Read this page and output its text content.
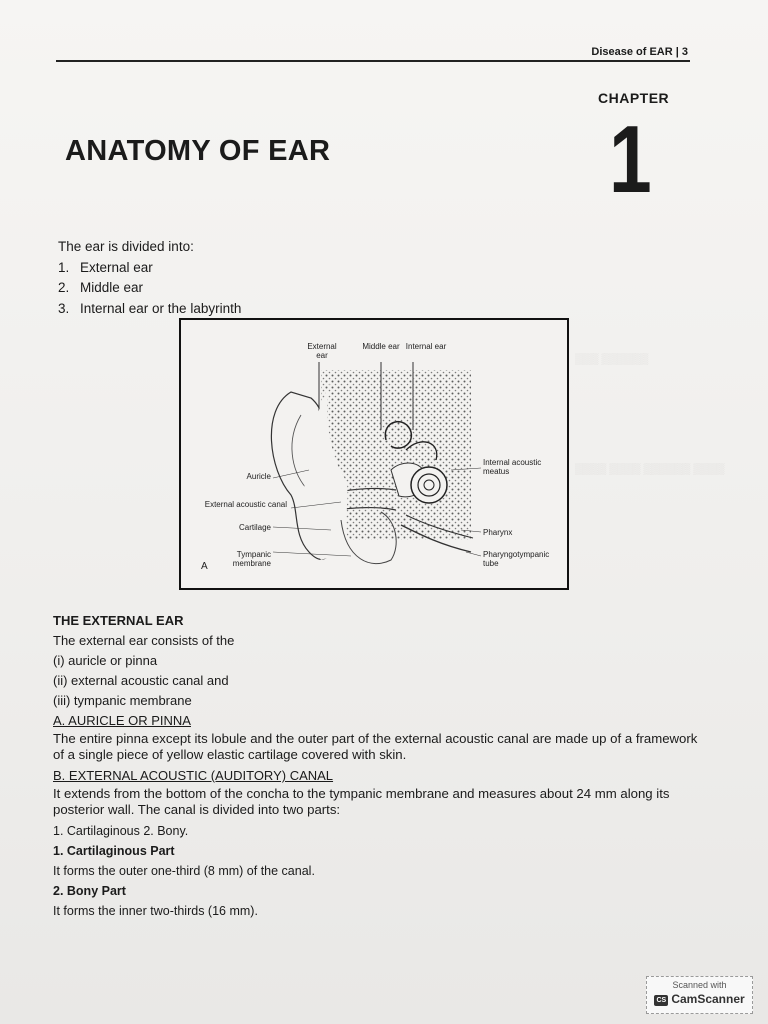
Disease of EAR | 3
CHAPTER
1
ANATOMY OF EAR
▒▒▒ ▒▒▒▒▒▒
▒▒▒▒ ▒▒▒▒ ▒▒▒▒▒▒ ▒▒▒▒
The ear is divided into:
1. External ear
2. Middle ear
3. Internal ear or the labyrinth
External ear
Middle ear Internal ear
Auricle
External acoustic canal
Cartilage
Tympanic membrane
A
Internal acoustic meatus
Pharynx
Pharyngotympanic tube

THE EXTERNAL EAR

The external ear consists of the

(i) auricle or pinna

(ii) external acoustic canal and

(iii) tympanic membrane

A. AURICLE OR PINNA

The entire pinna except its lobule and the outer part of the external acoustic canal are made up of a framework of a single piece of yellow elastic cartilage covered with skin.

B. EXTERNAL ACOUSTIC (AUDITORY) CANAL

It extends from the bottom of the concha to the tympanic membrane and measures about 24 mm along its posterior wall. The canal is divided into two parts:

1. Cartilaginous 2. Bony.

1. Cartilaginous Part

It forms the outer one-third (8 mm) of the canal.

2. Bony Part

It forms the inner two-thirds (16 mm).

Scanned with
CS CamScanner
